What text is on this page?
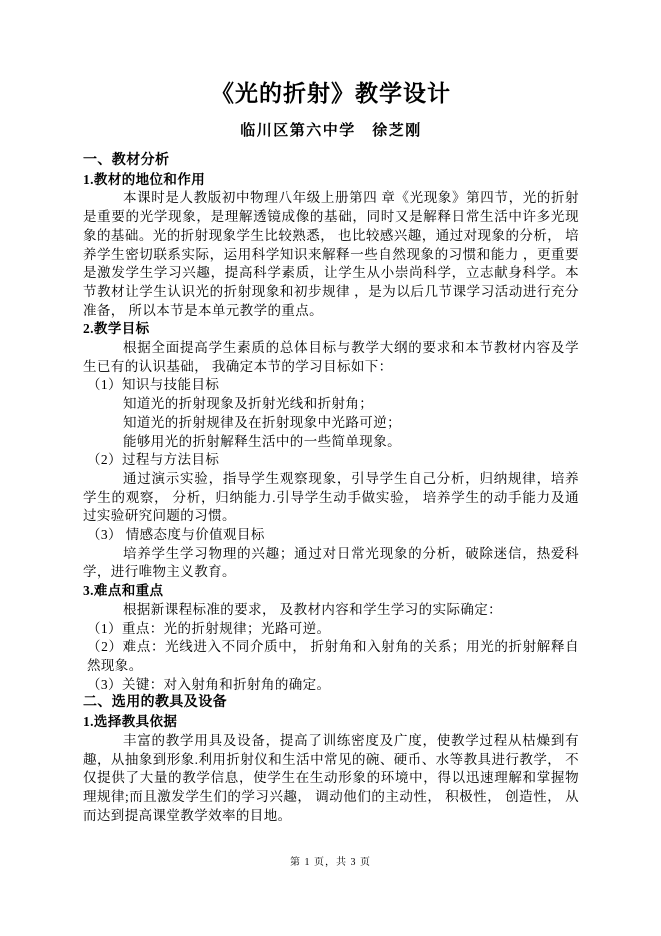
《光的折射》教学设计
临川区第六中学　徐芝刚
一、教材分析
1.教材的地位和作用
本课时是人教版初中物理八年级上册第四 章《光现象》第四节，光的折射是重要的光学现象，是理解透镜成像的基础，同时又是解释日常生活中许多光现象的基础。光的折射现象学生比较熟悉， 也比较感兴趣，通过对现象的分析， 培养学生密切联系实际，运用科学知识来解释一些自然现象的习惯和能力 ，更重要是激发学生学习兴趣，提高科学素质，让学生从小崇尚科学，立志献身科学。本节教材让学生认识光的折射现象和初步规律 ，是为以后几节课学习活动进行充分准备， 所以本节是本单元教学的重点。
2.教学目标
根据全面提高学生素质的总体目标与教学大纲的要求和本节教材内容及学生已有的认识基础， 我确定本节的学习目标如下：
（1）知识与技能目标
知道光的折射现象及折射光线和折射角；
知道光的折射规律及在折射现象中光路可逆；
能够用光的折射解释生活中的一些简单现象。
（2）过程与方法目标
通过演示实验，指导学生观察现象，引导学生自己分析，归纳规律，培养学生的观察， 分析，归纳能力.引导学生动手做实验， 培养学生的动手能力及通过实验研究问题的习惯。
（3） 情感态度与价值观目标
培养学生学习物理的兴趣；通过对日常光现象的分析，破除迷信，热爱科学，进行唯物主义教育。
3.难点和重点
根据新课程标准的要求， 及教材内容和学生学习的实际确定：
（1）重点：光的折射规律；光路可逆。
（2）难点：光线进入不同介质中， 折射角和入射角的关系；用光的折射解释自然现象。
（3）关键：对入射角和折射角的确定。
二、选用的教具及设备
1.选择教具依据
丰富的教学用具及设备，提高了训练密度及广度，使教学过程从枯燥到有趣，从抽象到形象.利用折射仪和生活中常见的碗、硬币、水等教具进行教学， 不仅提供了大量的教学信息，使学生在生动形象的环境中，得以迅速理解和掌握物理规律;而且激发学生们的学习兴趣， 调动他们的主动性， 积极性， 创造性， 从而达到提高课堂教学效率的目地。
第 1 页，共 3 页
